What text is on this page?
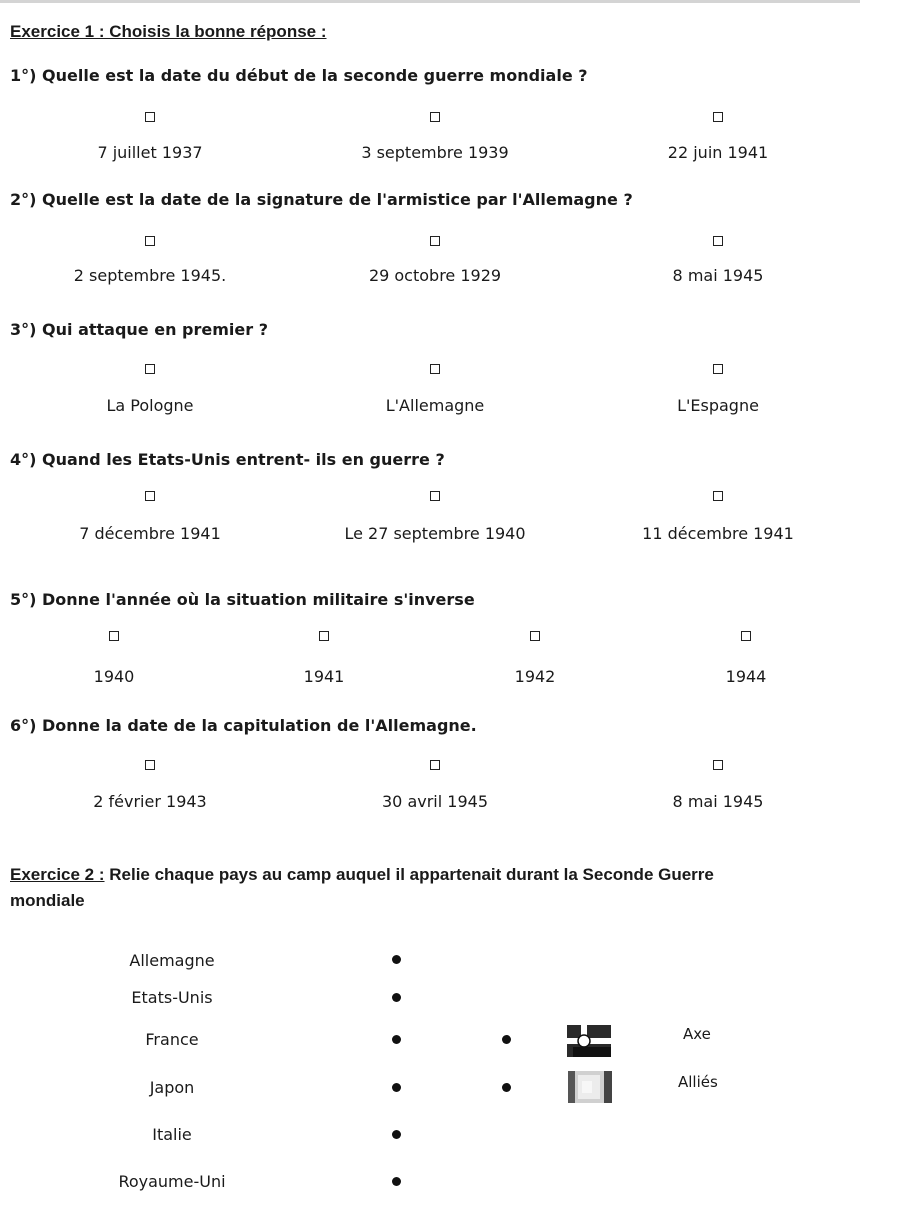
Exercice 1 : Choisis la bonne réponse :
1°) Quelle est la date du début de la seconde guerre mondiale ?
7 juillet 1937	3 septembre 1939	22 juin 1941
2°) Quelle est la date de la signature de l'armistice par l'Allemagne ?
2 septembre 1945.	29 octobre 1929	8 mai 1945
3°) Qui attaque en premier ?
La Pologne	L'Allemagne	L'Espagne
4°) Quand les Etats-Unis entrent- ils en guerre ?
7 décembre 1941	Le 27 septembre 1940	11 décembre 1941
5°) Donne l'année où la situation militaire s'inverse
1940	1941	1942	1944
6°) Donne la date de la capitulation de l'Allemagne.
2 février 1943	30 avril 1945	8 mai 1945
Exercice 2 : Relie chaque pays au camp auquel il appartenait durant la Seconde Guerre
mondiale
Allemagne
Etats-Unis
France
Japon
Italie
Royaume-Uni
Axe
Alliés
